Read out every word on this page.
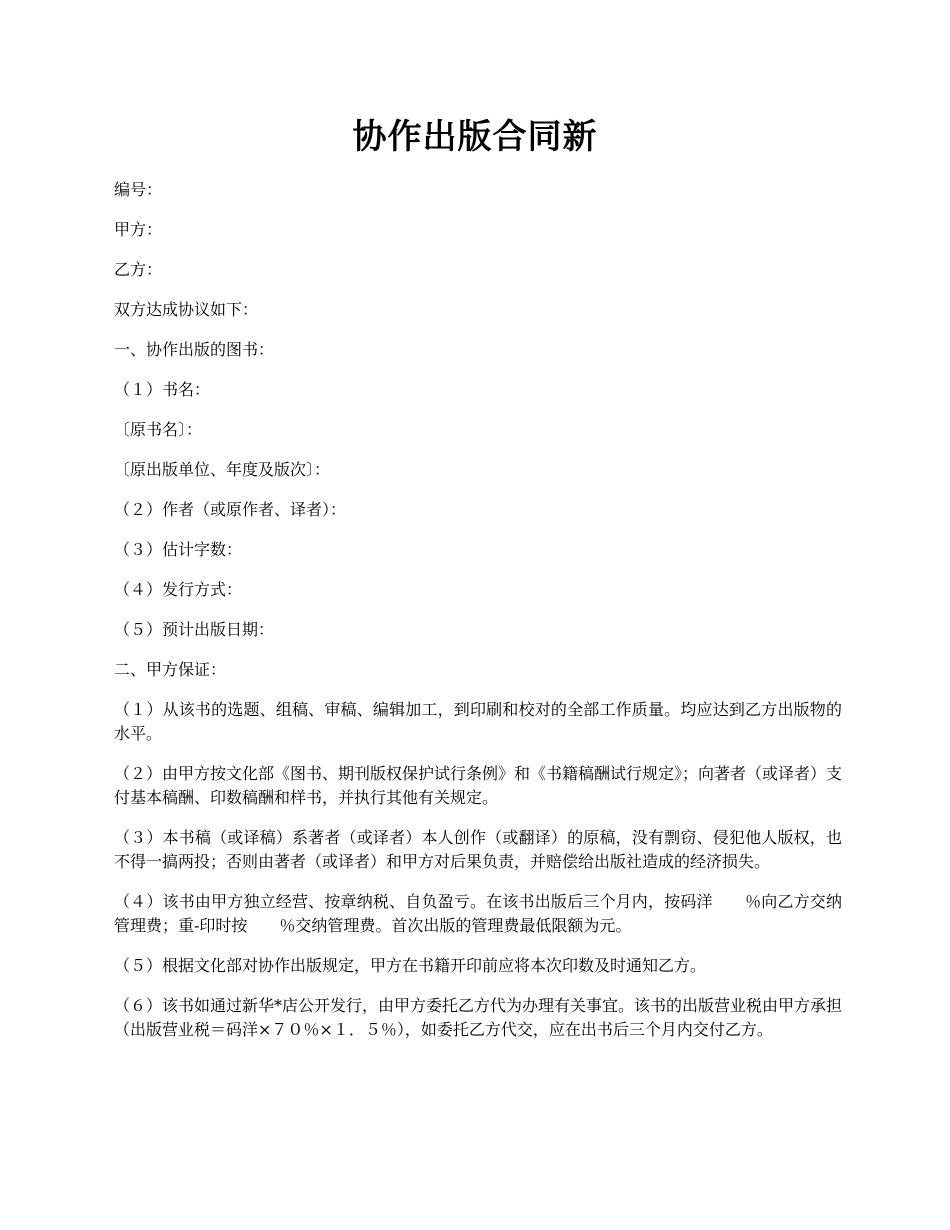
协作出版合同新

编号：

甲方：

乙方：

双方达成协议如下：

一、协作出版的图书：

（１）书名：

〔原书名〕：

〔原出版单位、年度及版次〕：

（２）作者（或原作者、译者）：

（３）估计字数：

（４）发行方式：

（５）预计出版日期：

二、甲方保证：

（１）从该书的选题、组稿、审稿、编辑加工，到印刷和校对的全部工作质量。均应达到乙方出版物的水平。

（２）由甲方按文化部《图书、期刊版权保护试行条例》和《书籍稿酬试行规定》；向著者（或译者）支付基本稿酬、印数稿酬和样书，并执行其他有关规定。

（３）本书稿（或译稿）系著者（或译者）本人创作（或翻译）的原稿，没有剽窃、侵犯他人版权，也不得一搞两投；否则由著者（或译者）和甲方对后果负责，并赔偿给出版社造成的经济损失。

（４）该书由甲方独立经营、按章纳税、自负盈亏。在该书出版后三个月内，按码洋　　％向乙方交纳管理费；重-印时按　　％交纳管理费。首次出版的管理费最低限额为元。

（５）根据文化部对协作出版规定，甲方在书籍开印前应将本次印数及时通知乙方。

（６）该书如通过新华*店公开发行，由甲方委托乙方代为办理有关事宜。该书的出版营业税由甲方承担（出版营业税＝码洋×７０％×１．５％），如委托乙方代交，应在出书后三个月内交付乙方。
